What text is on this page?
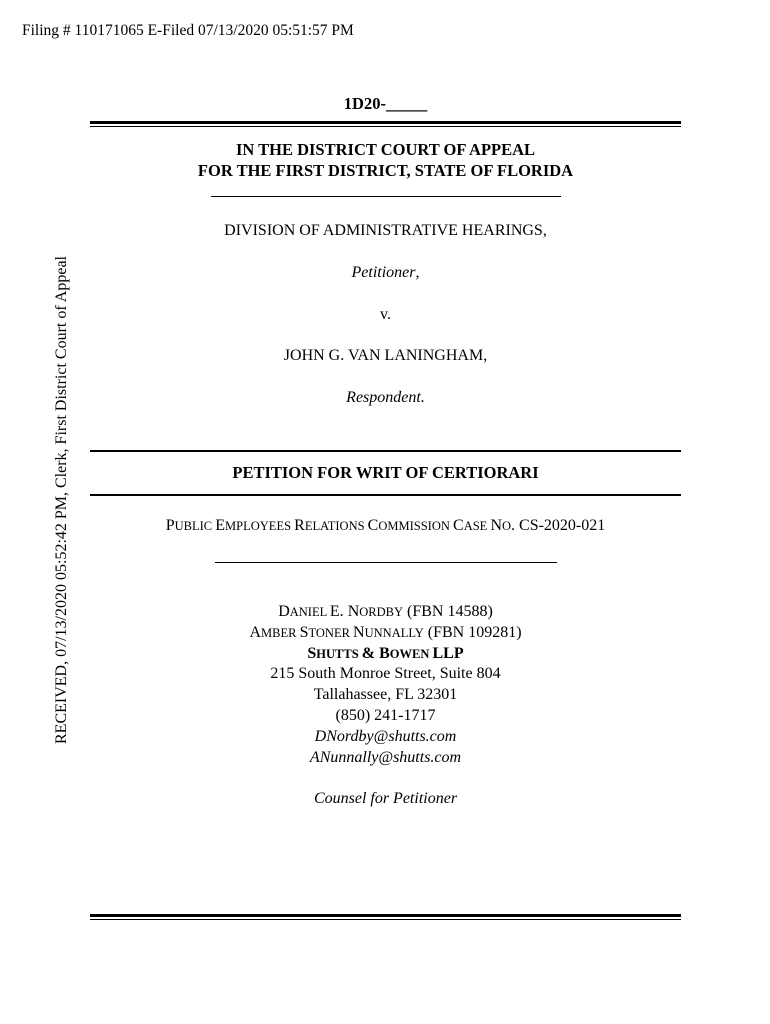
Filing # 110171065 E-Filed 07/13/2020 05:51:57 PM
RECEIVED, 07/13/2020 05:52:42 PM, Clerk, First District Court of Appeal
1D20-_____
IN THE DISTRICT COURT OF APPEAL
FOR THE FIRST DISTRICT, STATE OF FLORIDA
DIVISION OF ADMINISTRATIVE HEARINGS,
Petitioner,
v.
JOHN G. VAN LANINGHAM,
Respondent.
PETITION FOR WRIT OF CERTIORARI
PUBLIC EMPLOYEES RELATIONS COMMISSION CASE NO. CS-2020-021
DANIEL E. NORDBY (FBN 14588)
AMBER STONER NUNNALLY (FBN 109281)
SHUTTS & BOWEN LLP
215 South Monroe Street, Suite 804
Tallahassee, FL 32301
(850) 241-1717
DNordby@shutts.com
ANunnally@shutts.com
Counsel for Petitioner
